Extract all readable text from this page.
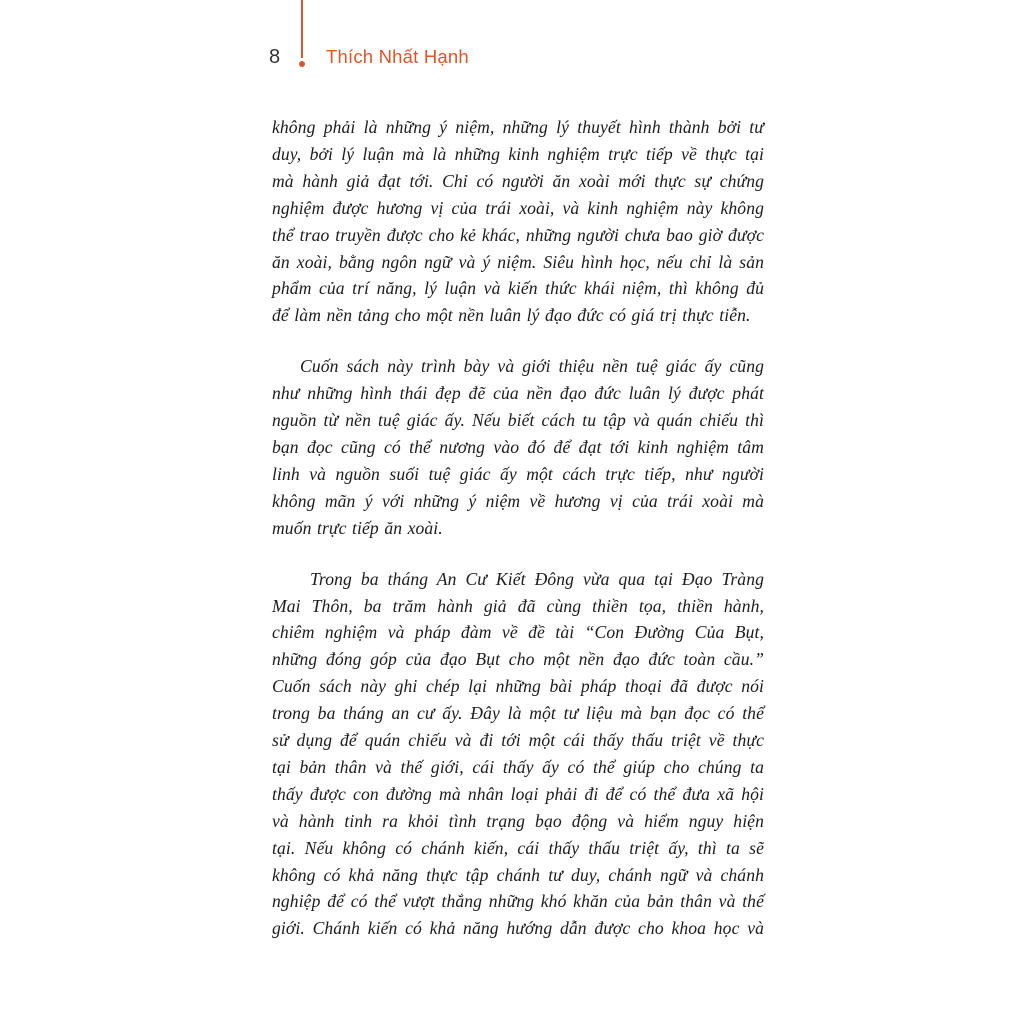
8 Thích Nhất Hạnh

không phải là những ý niệm, những lý thuyết hình thành bởi tư
duy, bởi lý luận mà là những kinh nghiệm trực tiếp về thực tại
mà hành giả đạt tới. Chỉ có người ăn xoài mới thực sự chứng
nghiệm được hương vị của trái xoài, và kinh nghiệm này không
thể trao truyền được cho kẻ khác, những người chưa bao giờ được
ăn xoài, bằng ngôn ngữ và ý niệm. Siêu hình học, nếu chỉ là sản
phẩm của trí năng, lý luận và kiến thức khái niệm, thì không đủ
để làm nền tảng cho một nền luân lý đạo đức có giá trị thực tiễn.

Cuốn sách này trình bày và giới thiệu nền tuệ giác ấy cũng
như những hình thái đẹp đẽ của nền đạo đức luân lý được phát
nguồn từ nền tuệ giác ấy. Nếu biết cách tu tập và quán chiếu thì
bạn đọc cũng có thể nương vào đó để đạt tới kinh nghiệm tâm
linh và nguồn suối tuệ giác ấy một cách trực tiếp, như người
không mãn ý với những ý niệm về hương vị của trái xoài mà
muốn trực tiếp ăn xoài.

Trong ba tháng An Cư Kiết Đông vừa qua tại Đạo Tràng
Mai Thôn, ba trăm hành giả đã cùng thiền tọa, thiền hành,
chiêm nghiệm và pháp đàm về đề tài “Con Đường Của Bụt,
những đóng góp của đạo Bụt cho một nền đạo đức toàn cầu.”
Cuốn sách này ghi chép lại những bài pháp thoại đã được nói
trong ba tháng an cư ấy. Đây là một tư liệu mà bạn đọc có thể
sử dụng để quán chiếu và đi tới một cái thấy thấu triệt về thực
tại bản thân và thế giới, cái thấy ấy có thể giúp cho chúng ta
thấy được con đường mà nhân loại phải đi để có thể đưa xã hội
và hành tinh ra khỏi tình trạng bạo động và hiểm nguy hiện
tại. Nếu không có chánh kiến, cái thấy thấu triệt ấy, thì ta sẽ
không có khả năng thực tập chánh tư duy, chánh ngữ và chánh
nghiệp để có thể vượt thắng những khó khăn của bản thân và thế
giới. Chánh kiến có khả năng hướng dẫn được cho khoa học và
